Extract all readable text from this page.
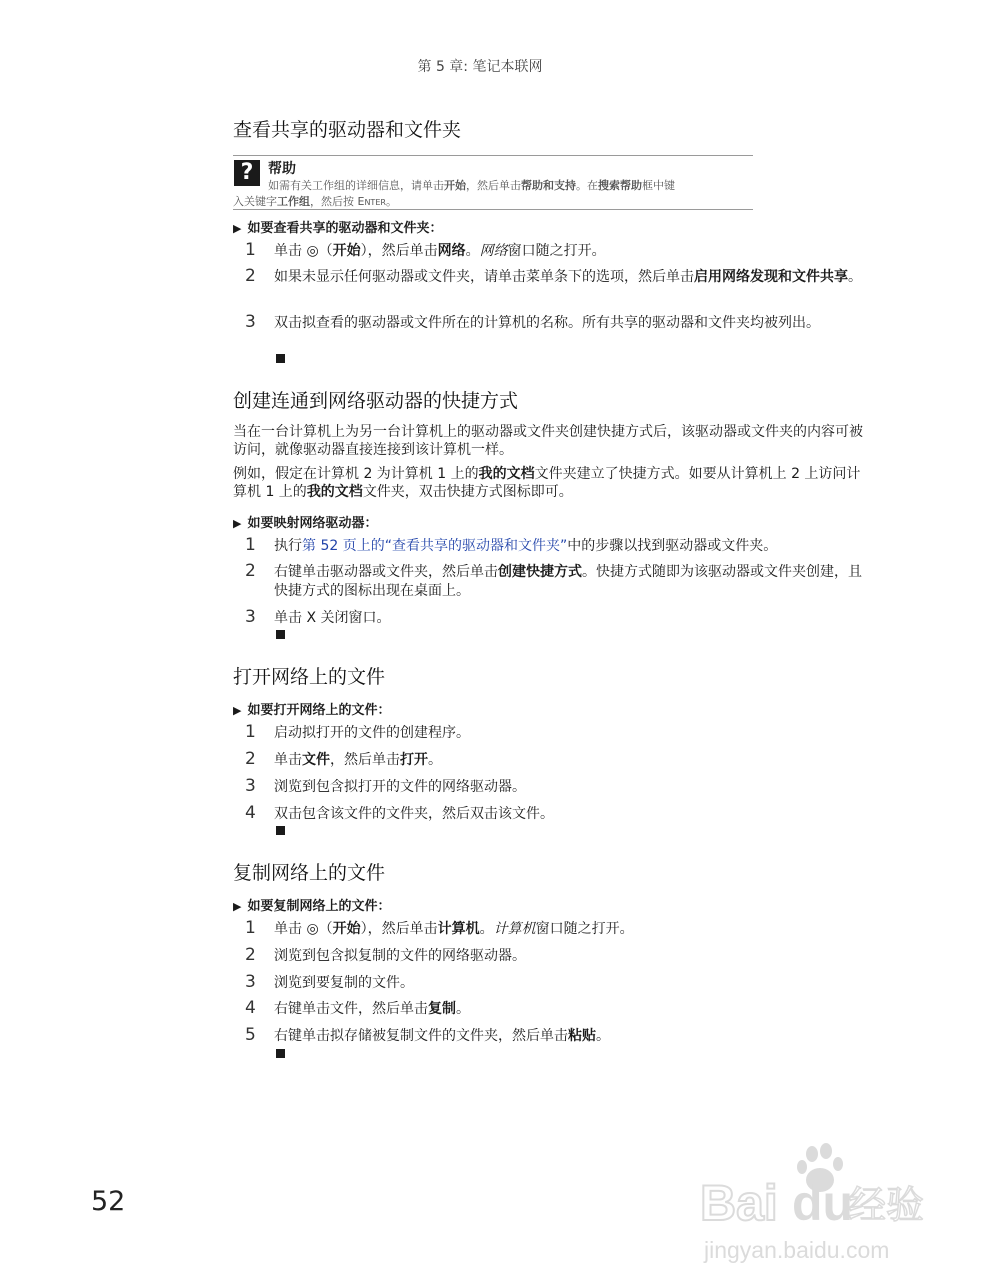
第 5 章: 笔记本联网
查看共享的驱动器和文件夹
?	帮助
如需有关工作组的详细信息，请单击开始，然后单击帮助和支持。在搜索帮助框中键
入关键字工作组，然后按 Enter。
▶ 如要查看共享的驱动器和文件夹：
1 单击 ◎（开始），然后单击网络。网络窗口随之打开。
2 如果未显示任何驱动器或文件夹，请单击菜单条下的选项，然后单击启用网络发现和文件共享。
3 双击拟查看的驱动器或文件所在的计算机的名称。所有共享的驱动器和文件夹均被列出。
创建连通到网络驱动器的快捷方式
当在一台计算机上为另一台计算机上的驱动器或文件夹创建快捷方式后，该驱动器或文件夹的内容可被访问，就像驱动器直接连接到该计算机一样。
例如，假定在计算机 2 为计算机 1 上的我的文档文件夹建立了快捷方式。如要从计算机上 2 上访问计算机 1 上的我的文档文件夹，双击快捷方式图标即可。
▶ 如要映射网络驱动器：
1 执行第 52 页上的“查看共享的驱动器和文件夹”中的步骤以找到驱动器或文件夹。
2 右键单击驱动器或文件夹，然后单击创建快捷方式。快捷方式随即为该驱动器或文件夹创建，且快捷方式的图标出现在桌面上。
3 单击 X 关闭窗口。
打开网络上的文件
▶ 如要打开网络上的文件：
1 启动拟打开的文件的创建程序。
2 单击文件，然后单击打开。
3 浏览到包含拟打开的文件的网络驱动器。
4 双击包含该文件的文件夹，然后双击该文件。
复制网络上的文件
▶ 如要复制网络上的文件：
1 单击 ◎（开始），然后单击计算机。计算机窗口随之打开。
2 浏览到包含拟复制的文件的网络驱动器。
3 浏览到要复制的文件。
4 右键单击文件，然后单击复制。
5 右键单击拟存储被复制文件的文件夹，然后单击粘贴。
52	Bai du
经验
jingyan.baidu.com
